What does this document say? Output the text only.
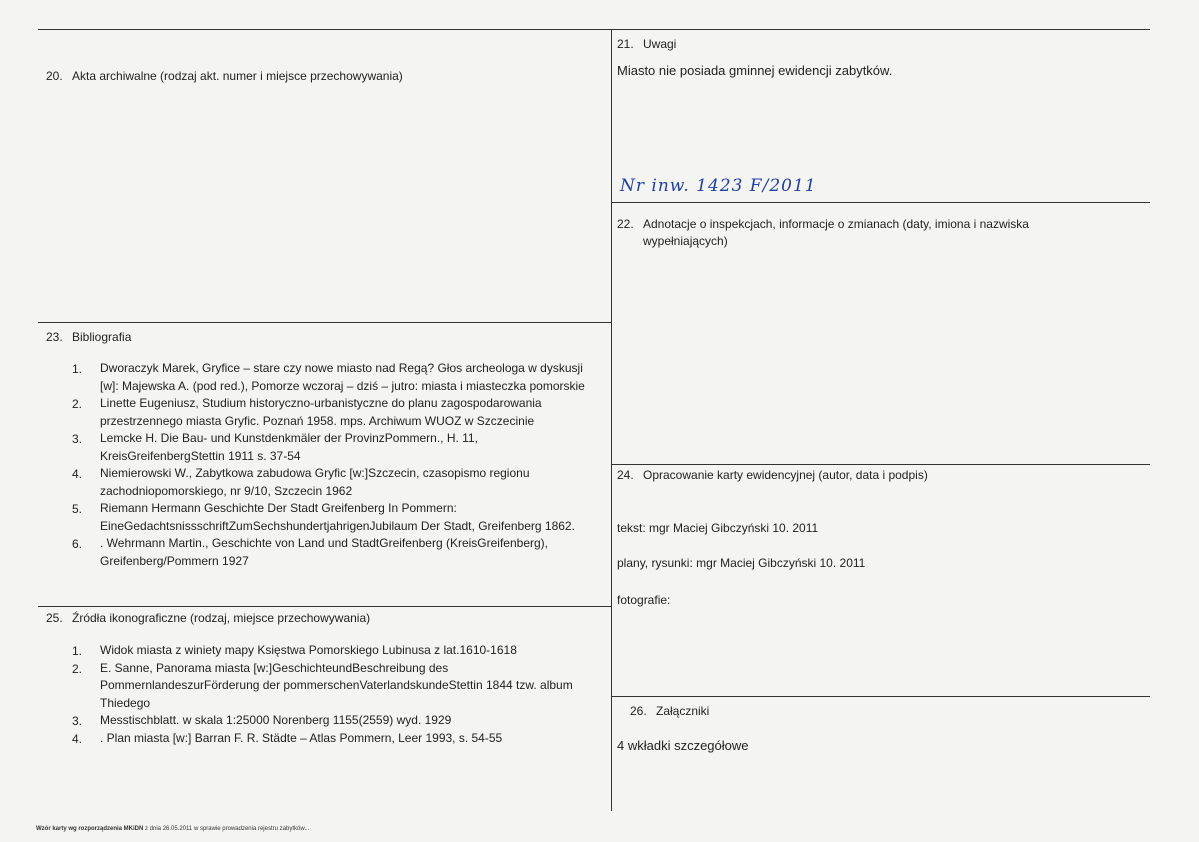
20. Akta archiwalne (rodzaj akt. numer i miejsce przechowywania)
21. Uwagi
Miasto nie posiada gminnej ewidencji zabytków.
Nr inw. 1423 F/2011
22. Adnotacje o inspekcjach, informacje o zmianach (daty, imiona i nazwiska
wypełniających)
23. Bibliografia
1. Dworaczyk Marek, Gryfice – stare czy nowe miasto nad Regą? Głos archeologa w dyskusji [w]: Majewska A. (pod red.), Pomorze wczoraj – dziś – jutro: miasta i miasteczka pomorskie
2. Linette Eugeniusz, Studium historyczno-urbanistyczne do planu zagospodarowania przestrzennego miasta Gryfic. Poznań 1958. mps. Archiwum WUOZ w Szczecinie
3. Lemcke H. Die Bau- und Kunstdenkmäler der ProvinzPommern., H. 11, KreisGreifenbergStettin 1911 s. 37-54
4. Niemierowski W., Zabytkowa zabudowa Gryfic [w:]Szczecin, czasopismo regionu zachodniopomorskiego, nr 9/10, Szczecin 1962
5. Riemann Hermann Geschichte Der Stadt Greifenberg In Pommern: EineGedachtsnissschriftZumSechshundertjahrigenJubilaum Der Stadt, Greifenberg 1862.
6. . Wehrmann Martin., Geschichte von Land und StadtGreifenberg (KreisGreifenberg), Greifenberg/Pommern 1927
24. Opracowanie karty ewidencyjnej (autor, data i podpis)
tekst: mgr Maciej Gibczyński 10. 2011
plany, rysunki: mgr Maciej Gibczyński 10. 2011
fotografie:
25. Źródła ikonograficzne (rodzaj, miejsce przechowywania)
1. Widok miasta z winiety mapy Księstwa Pomorskiego Lubinusa z lat.1610-1618
2. E. Sanne, Panorama miasta [w:]GeschichteundBeschreibung des PommernlandeszurFörderung der pommerschenVaterlandskundeStettin 1844 tzw. album Thiedego
3. Messtischblatt. w skala 1:25000 Norenberg 1155(2559) wyd. 1929
4. . Plan miasta [w:] Barran F. R. Städte – Atlas Pommern, Leer 1993, s. 54-55
26. Załączniki
4 wkładki szczegółowe
Wzór karty wg rozporządzenia MKiDN z dnia 26.05.2011 w sprawie prowadzenia rejestru zabytków...
